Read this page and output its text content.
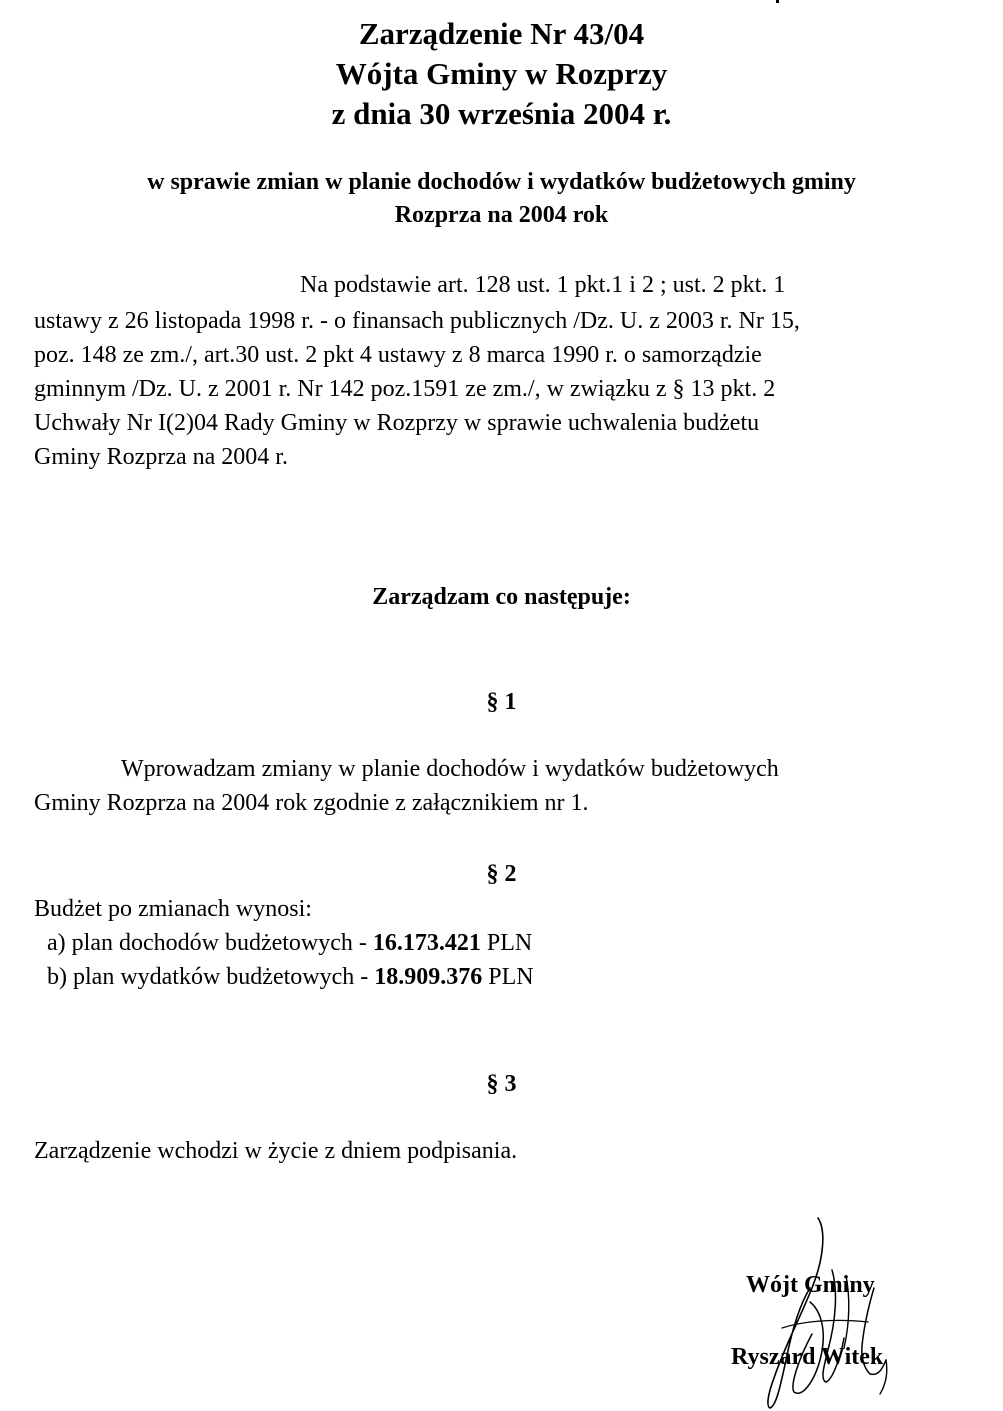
Zarządzenie Nr 43/04
Wójta Gminy w Rozprzy
z dnia 30 września 2004 r.
w sprawie zmian w planie dochodów i wydatków budżetowych gminy
Rozprza na 2004 rok
Na podstawie art. 128 ust. 1 pkt.1 i 2 ; ust. 2 pkt. 1
ustawy z 26 listopada 1998 r. - o finansach publicznych /Dz. U. z 2003 r. Nr 15,
poz. 148 ze zm./, art.30 ust. 2 pkt 4 ustawy z 8 marca 1990 r. o samorządzie
gminnym /Dz. U. z 2001 r. Nr 142 poz.1591 ze zm./, w związku z § 13 pkt. 2
Uchwały Nr I(2)04 Rady Gminy w Rozprzy w sprawie uchwalenia budżetu
Gminy Rozprza na 2004 r.
Zarządzam co następuje:
§ 1
Wprowadzam zmiany w planie dochodów i wydatków budżetowych
Gminy Rozprza na 2004 rok zgodnie z załącznikiem nr 1.
§ 2
Budżet po zmianach wynosi:
a) plan dochodów budżetowych - 16.173.421 PLN
b) plan wydatków budżetowych - 18.909.376 PLN
§ 3
Zarządzenie wchodzi w życie z dniem podpisania.
Wójt Gminy
Ryszard Witek
